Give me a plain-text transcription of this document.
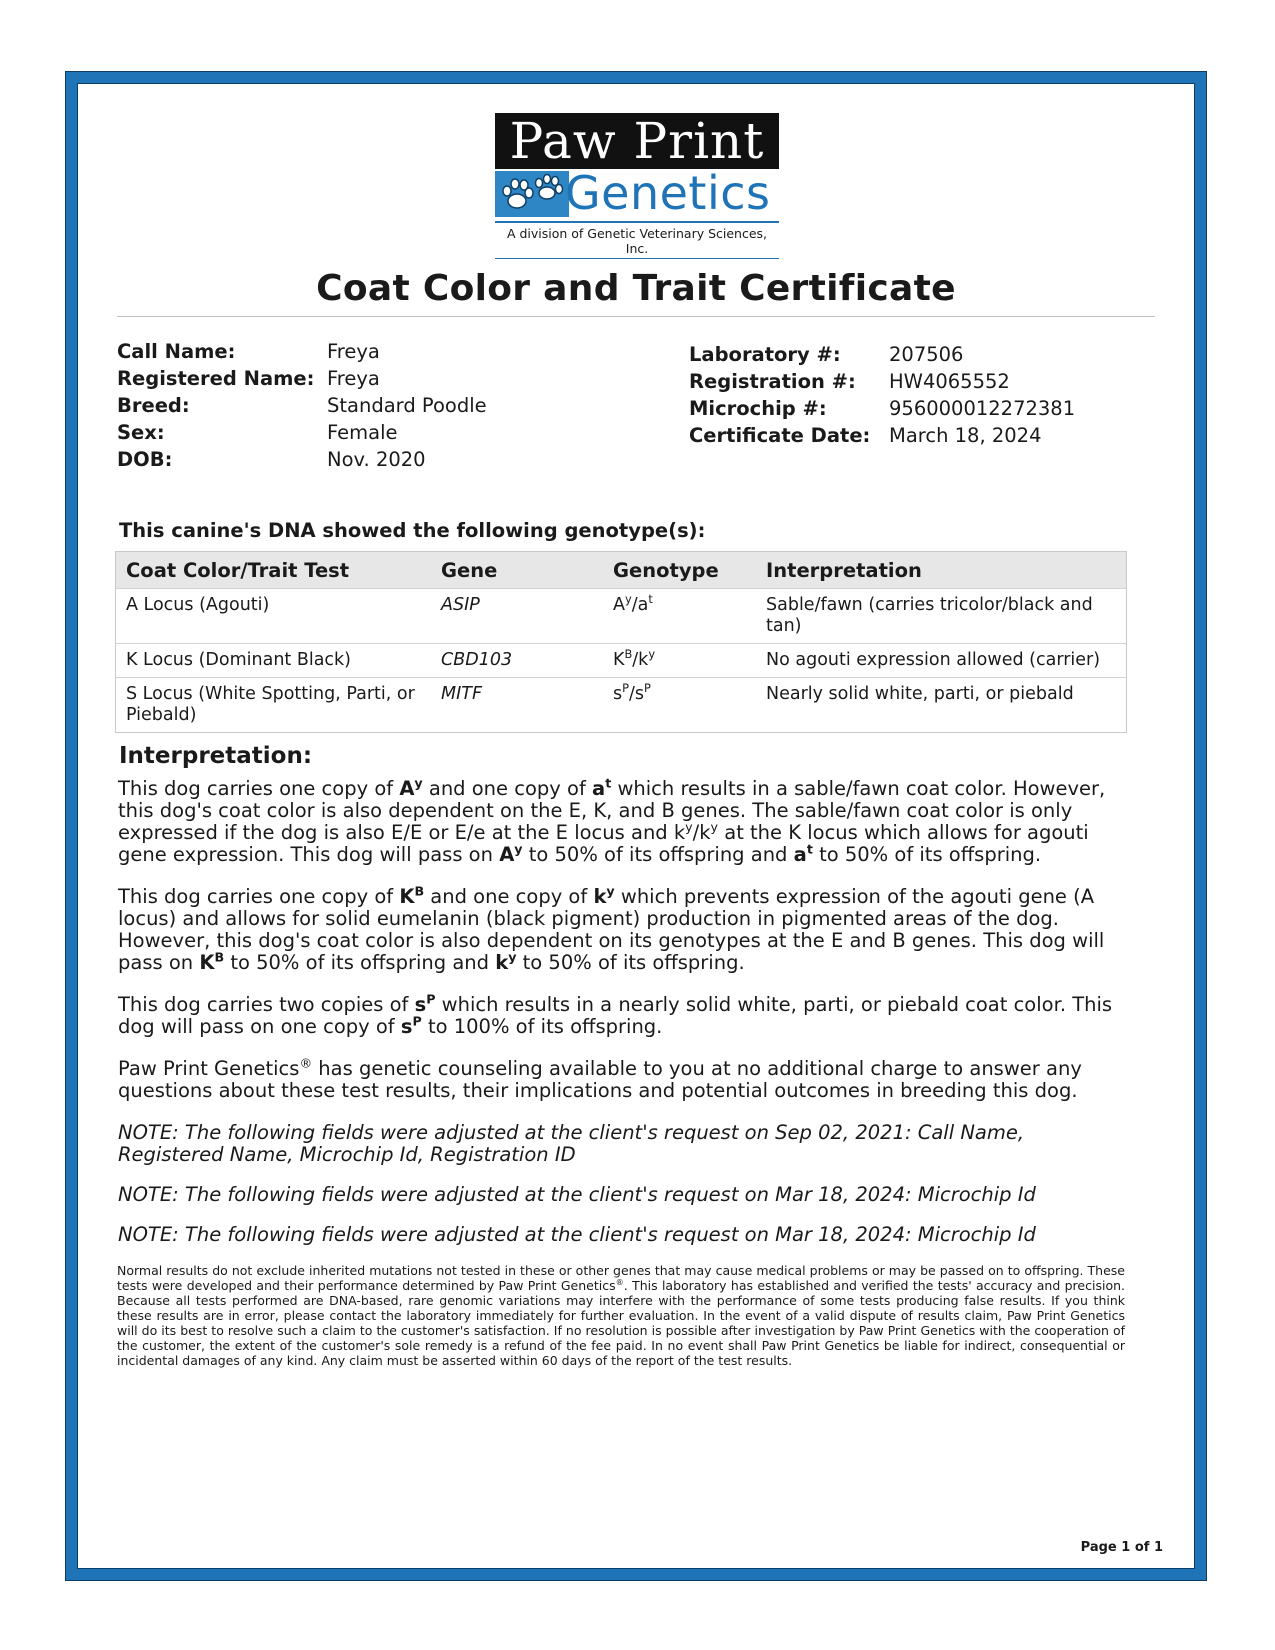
Paw Print
Genetics
A division of Genetic Veterinary Sciences, Inc.
Coat Color and Trait Certificate
Call Name:	Freya
Registered Name: Freya
Breed:	Standard Poodle
Sex:	Female
DOB:	Nov. 2020
Laboratory #:	207506
Registration #:	HW4065552
Microchip #:	956000012272381
Certificate Date: March 18, 2024
This canine's DNA showed the following genotype(s):
Coat Color/Trait Test	Gene	Genotype	Interpretation
A Locus (Agouti)	ASIP	$A^y/a^t$	Sable/fawn (carries tricolor/black and tan)
K Locus (Dominant Black)	CBD103	$K^B/k^y$	No agouti expression allowed (carrier)
S Locus (White Spotting, Parti, or Piebald)	MITF	$s^P/s^P$	Nearly solid white, parti, or piebald
Interpretation:

This dog carries one copy of $A^y$ and one copy of $a^t$ which results in a sable/fawn coat color. However, this dog's coat color is also dependent on the E, K, and B genes. The sable/fawn coat color is only expressed if the dog is also E/E or E/e at the E locus and $k^y/k^y$ at the K locus which allows for agouti gene expression. This dog will pass on $A^y$ to 50% of its offspring and $a^t$ to 50% of its offspring.

This dog carries one copy of $K^B$ and one copy of $k^y$ which prevents expression of the agouti gene (A locus) and allows for solid eumelanin (black pigment) production in pigmented areas of the dog. However, this dog's coat color is also dependent on its genotypes at the E and B genes. This dog will pass on $K^B$ to 50% of its offspring and $k^y$ to 50% of its offspring.

This dog carries two copies of $s^P$ which results in a nearly solid white, parti, or piebald coat color. This dog will pass on one copy of $s^P$ to 100% of its offspring.

Paw Print Genetics® has genetic counseling available to you at no additional charge to answer any questions about these test results, their implications and potential outcomes in breeding this dog.

NOTE: The following fields were adjusted at the client's request on Sep 02, 2021: Call Name, Registered Name, Microchip Id, Registration ID

NOTE: The following fields were adjusted at the client's request on Mar 18, 2024: Microchip Id

NOTE: The following fields were adjusted at the client's request on Mar 18, 2024: Microchip Id

Normal results do not exclude inherited mutations not tested in these or other genes that may cause medical problems or may be passed on to offspring. These tests were developed and their performance determined by Paw Print Genetics®. This laboratory has established and verified the tests' accuracy and precision. Because all tests performed are DNA-based, rare genomic variations may interfere with the performance of some tests producing false results. If you think these results are in error, please contact the laboratory immediately for further evaluation. In the event of a valid dispute of results claim, Paw Print Genetics will do its best to resolve such a claim to the customer's satisfaction. If no resolution is possible after investigation by Paw Print Genetics with the cooperation of the customer, the extent of the customer's sole remedy is a refund of the fee paid. In no event shall Paw Print Genetics be liable for indirect, consequential or incidental damages of any kind. Any claim must be asserted within 60 days of the report of the test results.
Page 1 of 1
